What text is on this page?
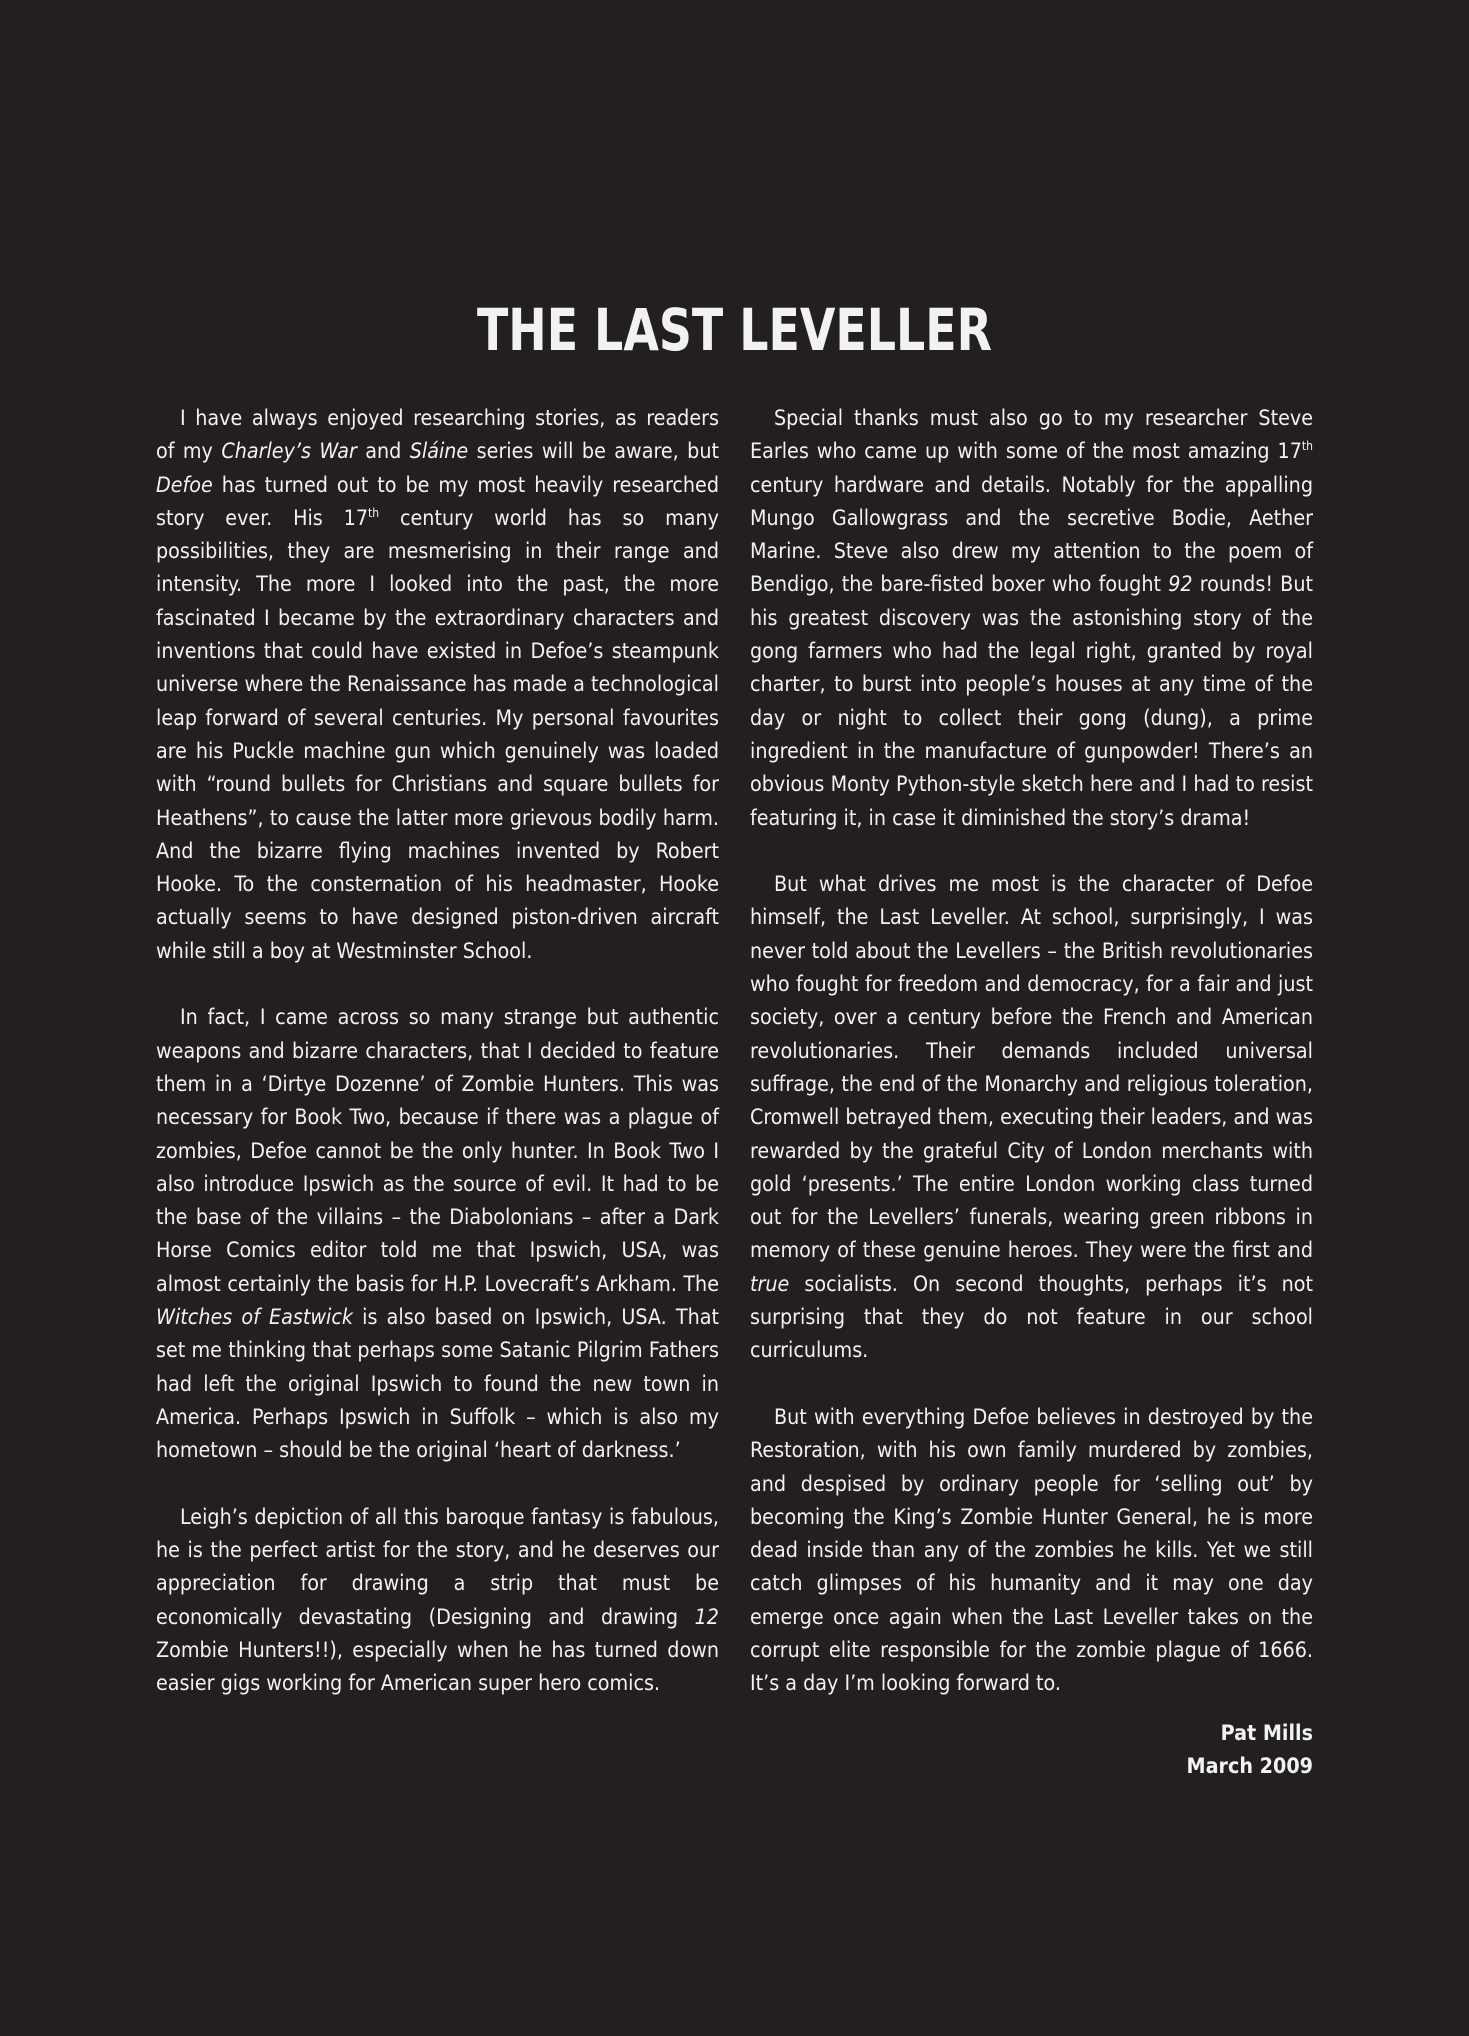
THE LAST LEVELLER

I have always enjoyed researching stories, as readers of my Charley’s War and Sláine series will be aware, but Defoe has turned out to be my most heavily researched story ever. His 17th century world has so many possibilities, they are mesmerising in their range and intensity. The more I looked into the past, the more fascinated I became by the extraordinary characters and inventions that could have existed in Defoe’s steampunk universe where the Renaissance has made a technological leap forward of several centuries. My personal favourites are his Puckle machine gun which genuinely was loaded with “round bullets for Christians and square bullets for Heathens”, to cause the latter more grievous bodily harm. And the bizarre flying machines invented by Robert Hooke. To the consternation of his headmaster, Hooke actually seems to have designed piston-driven aircraft while still a boy at Westminster School.

In fact, I came across so many strange but authentic weapons and bizarre characters, that I decided to feature them in a ‘Dirtye Dozenne’ of Zombie Hunters. This was necessary for Book Two, because if there was a plague of zombies, Defoe cannot be the only hunter. In Book Two I also introduce Ipswich as the source of evil. It had to be the base of the villains – the Diabolonians – after a Dark Horse Comics editor told me that Ipswich, USA, was almost certainly the basis for H.P. Lovecraft’s Arkham. The Witches of Eastwick is also based on Ipswich, USA. That set me thinking that perhaps some Satanic Pilgrim Fathers had left the original Ipswich to found the new town in America. Perhaps Ipswich in Suffolk – which is also my hometown – should be the original ‘heart of darkness.’

Leigh’s depiction of all this baroque fantasy is fabulous, he is the perfect artist for the story, and he deserves our appreciation for drawing a strip that must be economically devastating (Designing and drawing 12 Zombie Hunters!!), especially when he has turned down easier gigs working for American super hero comics.

Special thanks must also go to my researcher Steve Earles who came up with some of the most amazing 17th century hardware and details. Notably for the appalling Mungo Gallowgrass and the secretive Bodie, Aether Marine. Steve also drew my attention to the poem of Bendigo, the bare-fisted boxer who fought 92 rounds! But his greatest discovery was the astonishing story of the gong farmers who had the legal right, granted by royal charter, to burst into people’s houses at any time of the day or night to collect their gong (dung), a prime ingredient in the manufacture of gunpowder! There’s an obvious Monty Python-style sketch here and I had to resist featuring it, in case it diminished the story’s drama!

But what drives me most is the character of Defoe himself, the Last Leveller. At school, surprisingly, I was never told about the Levellers – the British revolutionaries who fought for freedom and democracy, for a fair and just society, over a century before the French and American revolutionaries. Their demands included universal suffrage, the end of the Monarchy and religious toleration, Cromwell betrayed them, executing their leaders, and was rewarded by the grateful City of London merchants with gold ‘presents.’ The entire London working class turned out for the Levellers’ funerals, wearing green ribbons in memory of these genuine heroes. They were the first and true socialists. On second thoughts, perhaps it’s not surprising that they do not feature in our school curriculums.

But with everything Defoe believes in destroyed by the Restoration, with his own family murdered by zombies, and despised by ordinary people for ‘selling out’ by becoming the King’s Zombie Hunter General, he is more dead inside than any of the zombies he kills. Yet we still catch glimpses of his humanity and it may one day emerge once again when the Last Leveller takes on the corrupt elite responsible for the zombie plague of 1666. It’s a day I’m looking forward to.

Pat Mills
March 2009
